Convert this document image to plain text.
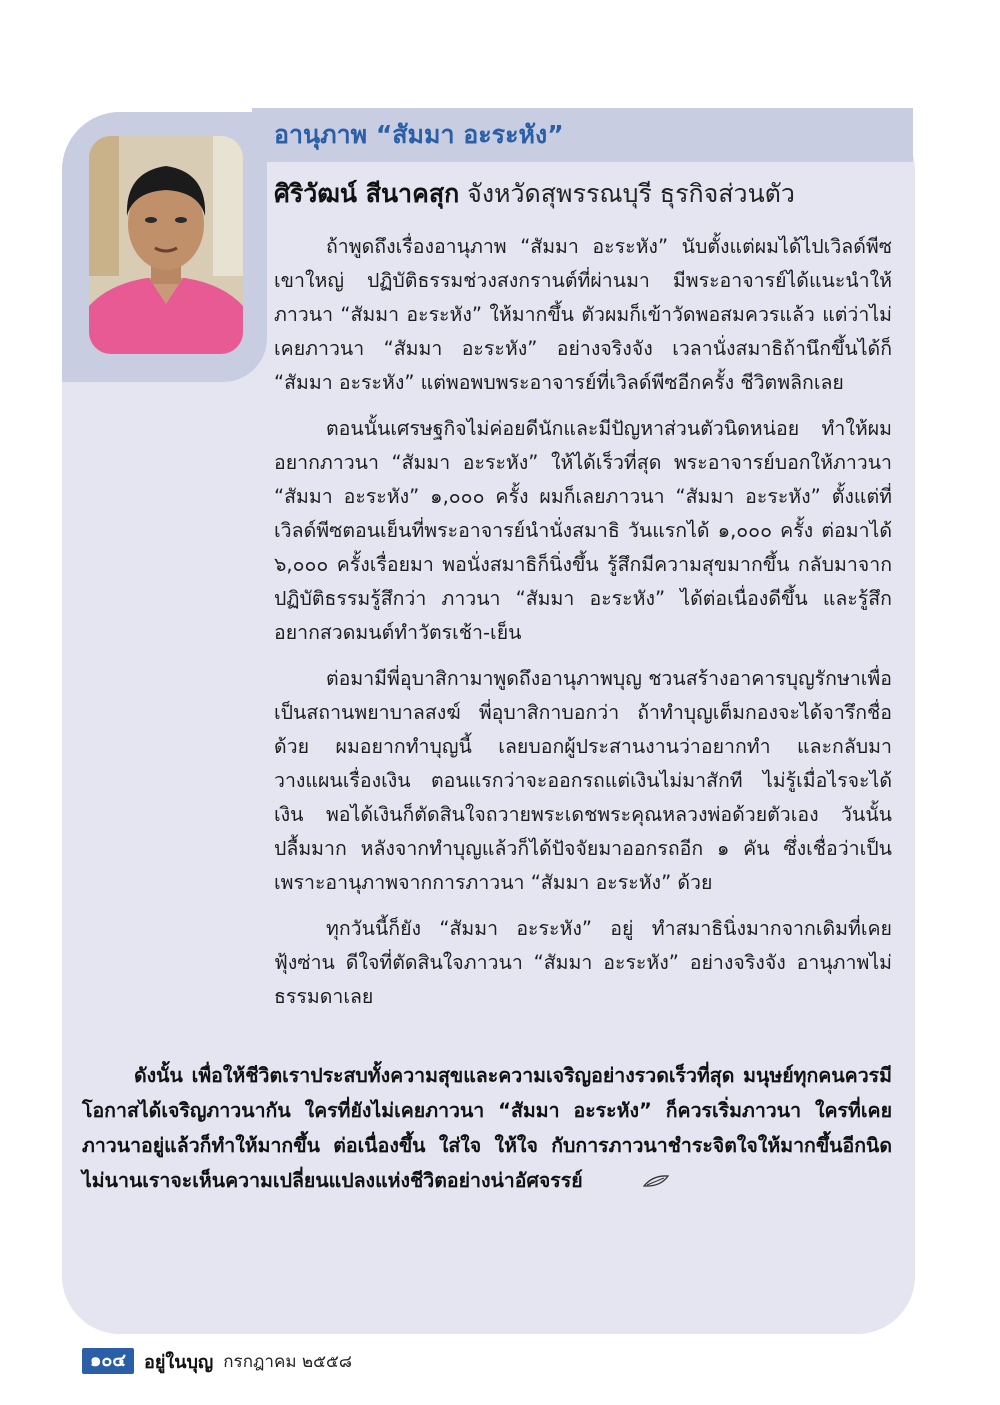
อานุภาพ “สัมมา อะระหัง”
ศิริวัฒน์ สีนาคสุก จังหวัดสุพรรณบุรี ธุรกิจส่วนตัว

ถ้าพูดถึงเรื่องอานุภาพ “สัมมา อะระหัง” นับตั้งแต่ผมได้ไปเวิลด์พีซเขาใหญ่ ปฏิบัติธรรมช่วงสงกรานต์ที่ผ่านมา มีพระอาจารย์ได้แนะนำให้ภาวนา “สัมมา อะระหัง” ให้มากขึ้น ตัวผมก็เข้าวัดพอสมควรแล้ว แต่ว่าไม่เคยภาวนา “สัมมา อะระหัง” อย่างจริงจัง เวลานั่งสมาธิถ้านึกขึ้นได้ก็ “สัมมา อะระหัง” แต่พอพบพระอาจารย์ที่เวิลด์พีซอีกครั้ง ชีวิตพลิกเลย

ตอนนั้นเศรษฐกิจไม่ค่อยดีนักและมีปัญหาส่วนตัวนิดหน่อย ทำให้ผมอยากภาวนา “สัมมา อะระหัง” ให้ได้เร็วที่สุด พระอาจารย์บอกให้ภาวนา “สัมมา อะระหัง” ๑,๐๐๐ ครั้ง ผมก็เลยภาวนา “สัมมา อะระหัง” ตั้งแต่ที่เวิลด์พีซตอนเย็นที่พระอาจารย์นำนั่งสมาธิ วันแรกได้ ๑,๐๐๐ ครั้ง ต่อมาได้ ๖,๐๐๐ ครั้งเรื่อยมา พอนั่งสมาธิก็นิ่งขึ้น รู้สึกมีความสุขมากขึ้น กลับมาจากปฏิบัติธรรมรู้สึกว่า ภาวนา “สัมมา อะระหัง” ได้ต่อเนื่องดีขึ้น และรู้สึกอยากสวดมนต์ทำวัตรเช้า-เย็น

ต่อมามีพี่อุบาสิกามาพูดถึงอานุภาพบุญ ชวนสร้างอาคารบุญรักษาเพื่อเป็นสถานพยาบาลสงฆ์ พี่อุบาสิกาบอกว่า ถ้าทำบุญเต็มกองจะได้จารึกชื่อด้วย ผมอยากทำบุญนี้ เลยบอกผู้ประสานงานว่าอยากทำ และกลับมาวางแผนเรื่องเงิน ตอนแรกว่าจะออกรถแต่เงินไม่มาสักที ไม่รู้เมื่อไรจะได้เงิน พอได้เงินก็ตัดสินใจถวายพระเดชพระคุณหลวงพ่อด้วยตัวเอง วันนั้นปลื้มมาก หลังจากทำบุญแล้วก็ได้ปัจจัยมาออกรถอีก ๑ คัน ซึ่งเชื่อว่าเป็นเพราะอานุภาพจากการภาวนา “สัมมา อะระหัง” ด้วย

ทุกวันนี้ก็ยัง “สัมมา อะระหัง” อยู่ ทำสมาธินิ่งมากจากเดิมที่เคยฟุ้งซ่าน ดีใจที่ตัดสินใจภาวนา “สัมมา อะระหัง” อย่างจริงจัง อานุภาพไม่ธรรมดาเลย

ดังนั้น เพื่อให้ชีวิตเราประสบทั้งความสุขและความเจริญอย่างรวดเร็วที่สุด มนุษย์ทุกคนควรมีโอกาสได้เจริญภาวนากัน ใครที่ยังไม่เคยภาวนา “สัมมา อะระหัง” ก็ควรเริ่มภาวนา ใครที่เคยภาวนาอยู่แล้วก็ทำให้มากขึ้น ต่อเนื่องขึ้น ใส่ใจ ให้ใจ กับการภาวนาชำระจิตใจให้มากขึ้นอีกนิด ไม่นานเราจะเห็นความเปลี่ยนแปลงแห่งชีวิตอย่างน่าอัศจรรย์

๑๐๔	อยู่ในบุญ กรกฎาคม ๒๕๕๘
